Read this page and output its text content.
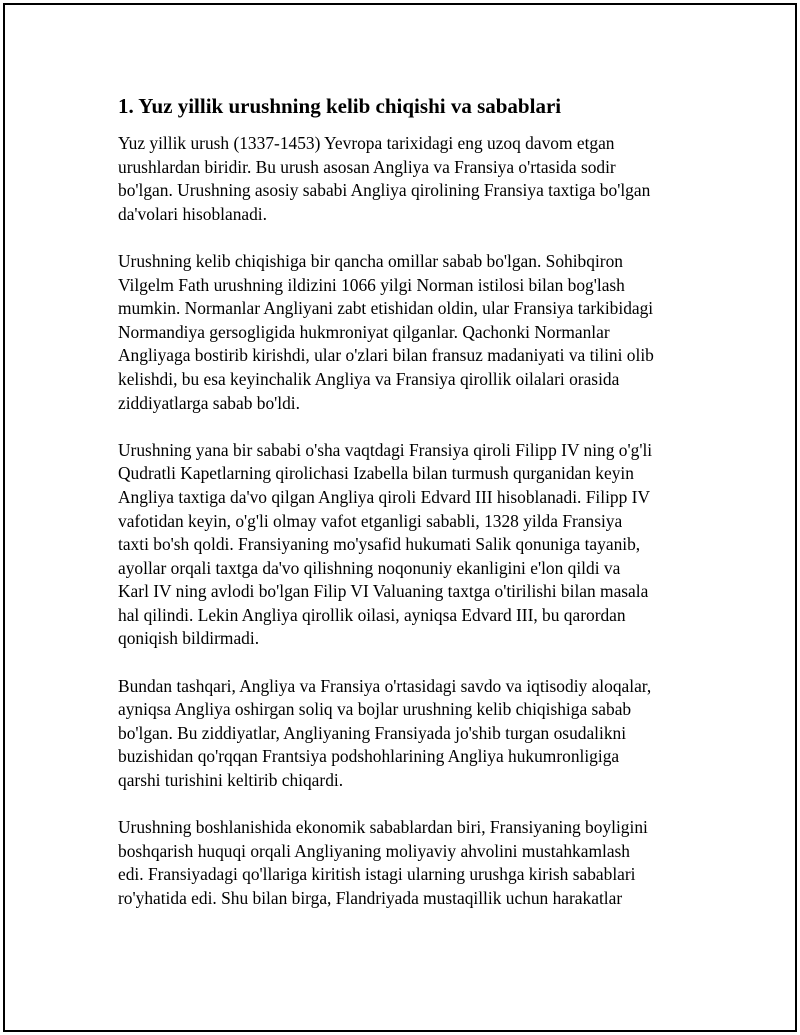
1. Yuz yillik urushning kelib chiqishi va sabablari
Yuz yillik urush (1337-1453) Yevropa tarixidagi eng uzoq davom etgan
urushlardan biridir. Bu urush asosan Angliya va Fransiya o'rtasida sodir
bo'lgan. Urushning asosiy sababi Angliya qirolining Fransiya taxtiga bo'lgan
da'volari hisoblanadi.
Urushning kelib chiqishiga bir qancha omillar sabab bo'lgan. Sohibqiron
Vilgelm Fath urushning ildizini 1066 yilgi Norman istilosi bilan bog'lash
mumkin. Normanlar Angliyani zabt etishidan oldin, ular Fransiya tarkibidagi
Normandiya gersogligida hukmroniyat qilganlar. Qachonki Normanlar
Angliyaga bostirib kirishdi, ular o'zlari bilan fransuz madaniyati va tilini olib
kelishdi, bu esa keyinchalik Angliya va Fransiya qirollik oilalari orasida
ziddiyatlarga sabab bo'ldi.
Urushning yana bir sababi o'sha vaqtdagi Fransiya qiroli Filipp IV ning o'g'li
Qudratli Kapetlarning qirolichasi Izabella bilan turmush qurganidan keyin
Angliya taxtiga da'vo qilgan Angliya qiroli Edvard III hisoblanadi. Filipp IV
vafotidan keyin, o'g'li olmay vafot etganligi sababli, 1328 yilda Fransiya
taxti bo'sh qoldi. Fransiyaning mo'ysafid hukumati Salik qonuniga tayanib,
ayollar orqali taxtga da'vo qilishning noqonuniy ekanligini e'lon qildi va
Karl IV ning avlodi bo'lgan Filip VI Valuaning taxtga o'tirilishi bilan masala
hal qilindi. Lekin Angliya qirollik oilasi, ayniqsa Edvard III, bu qarordan
qoniqish bildirmadi.
Bundan tashqari, Angliya va Fransiya o'rtasidagi savdo va iqtisodiy aloqalar,
ayniqsa Angliya oshirgan soliq va bojlar urushning kelib chiqishiga sabab
bo'lgan. Bu ziddiyatlar, Angliyaning Fransiyada jo'shib turgan osudalikni
buzishidan qo'rqqan Frantsiya podshohlarining Angliya hukumronligiga
qarshi turishini keltirib chiqardi.
Urushning boshlanishida ekonomik sabablardan biri, Fransiyaning boyligini
boshqarish huquqi orqali Angliyaning moliyaviy ahvolini mustahkamlash
edi. Fransiyadagi qo'llariga kiritish istagi ularning urushga kirish sabablari
ro'yhatida edi. Shu bilan birga, Flandriyada mustaqillik uchun harakatlar
